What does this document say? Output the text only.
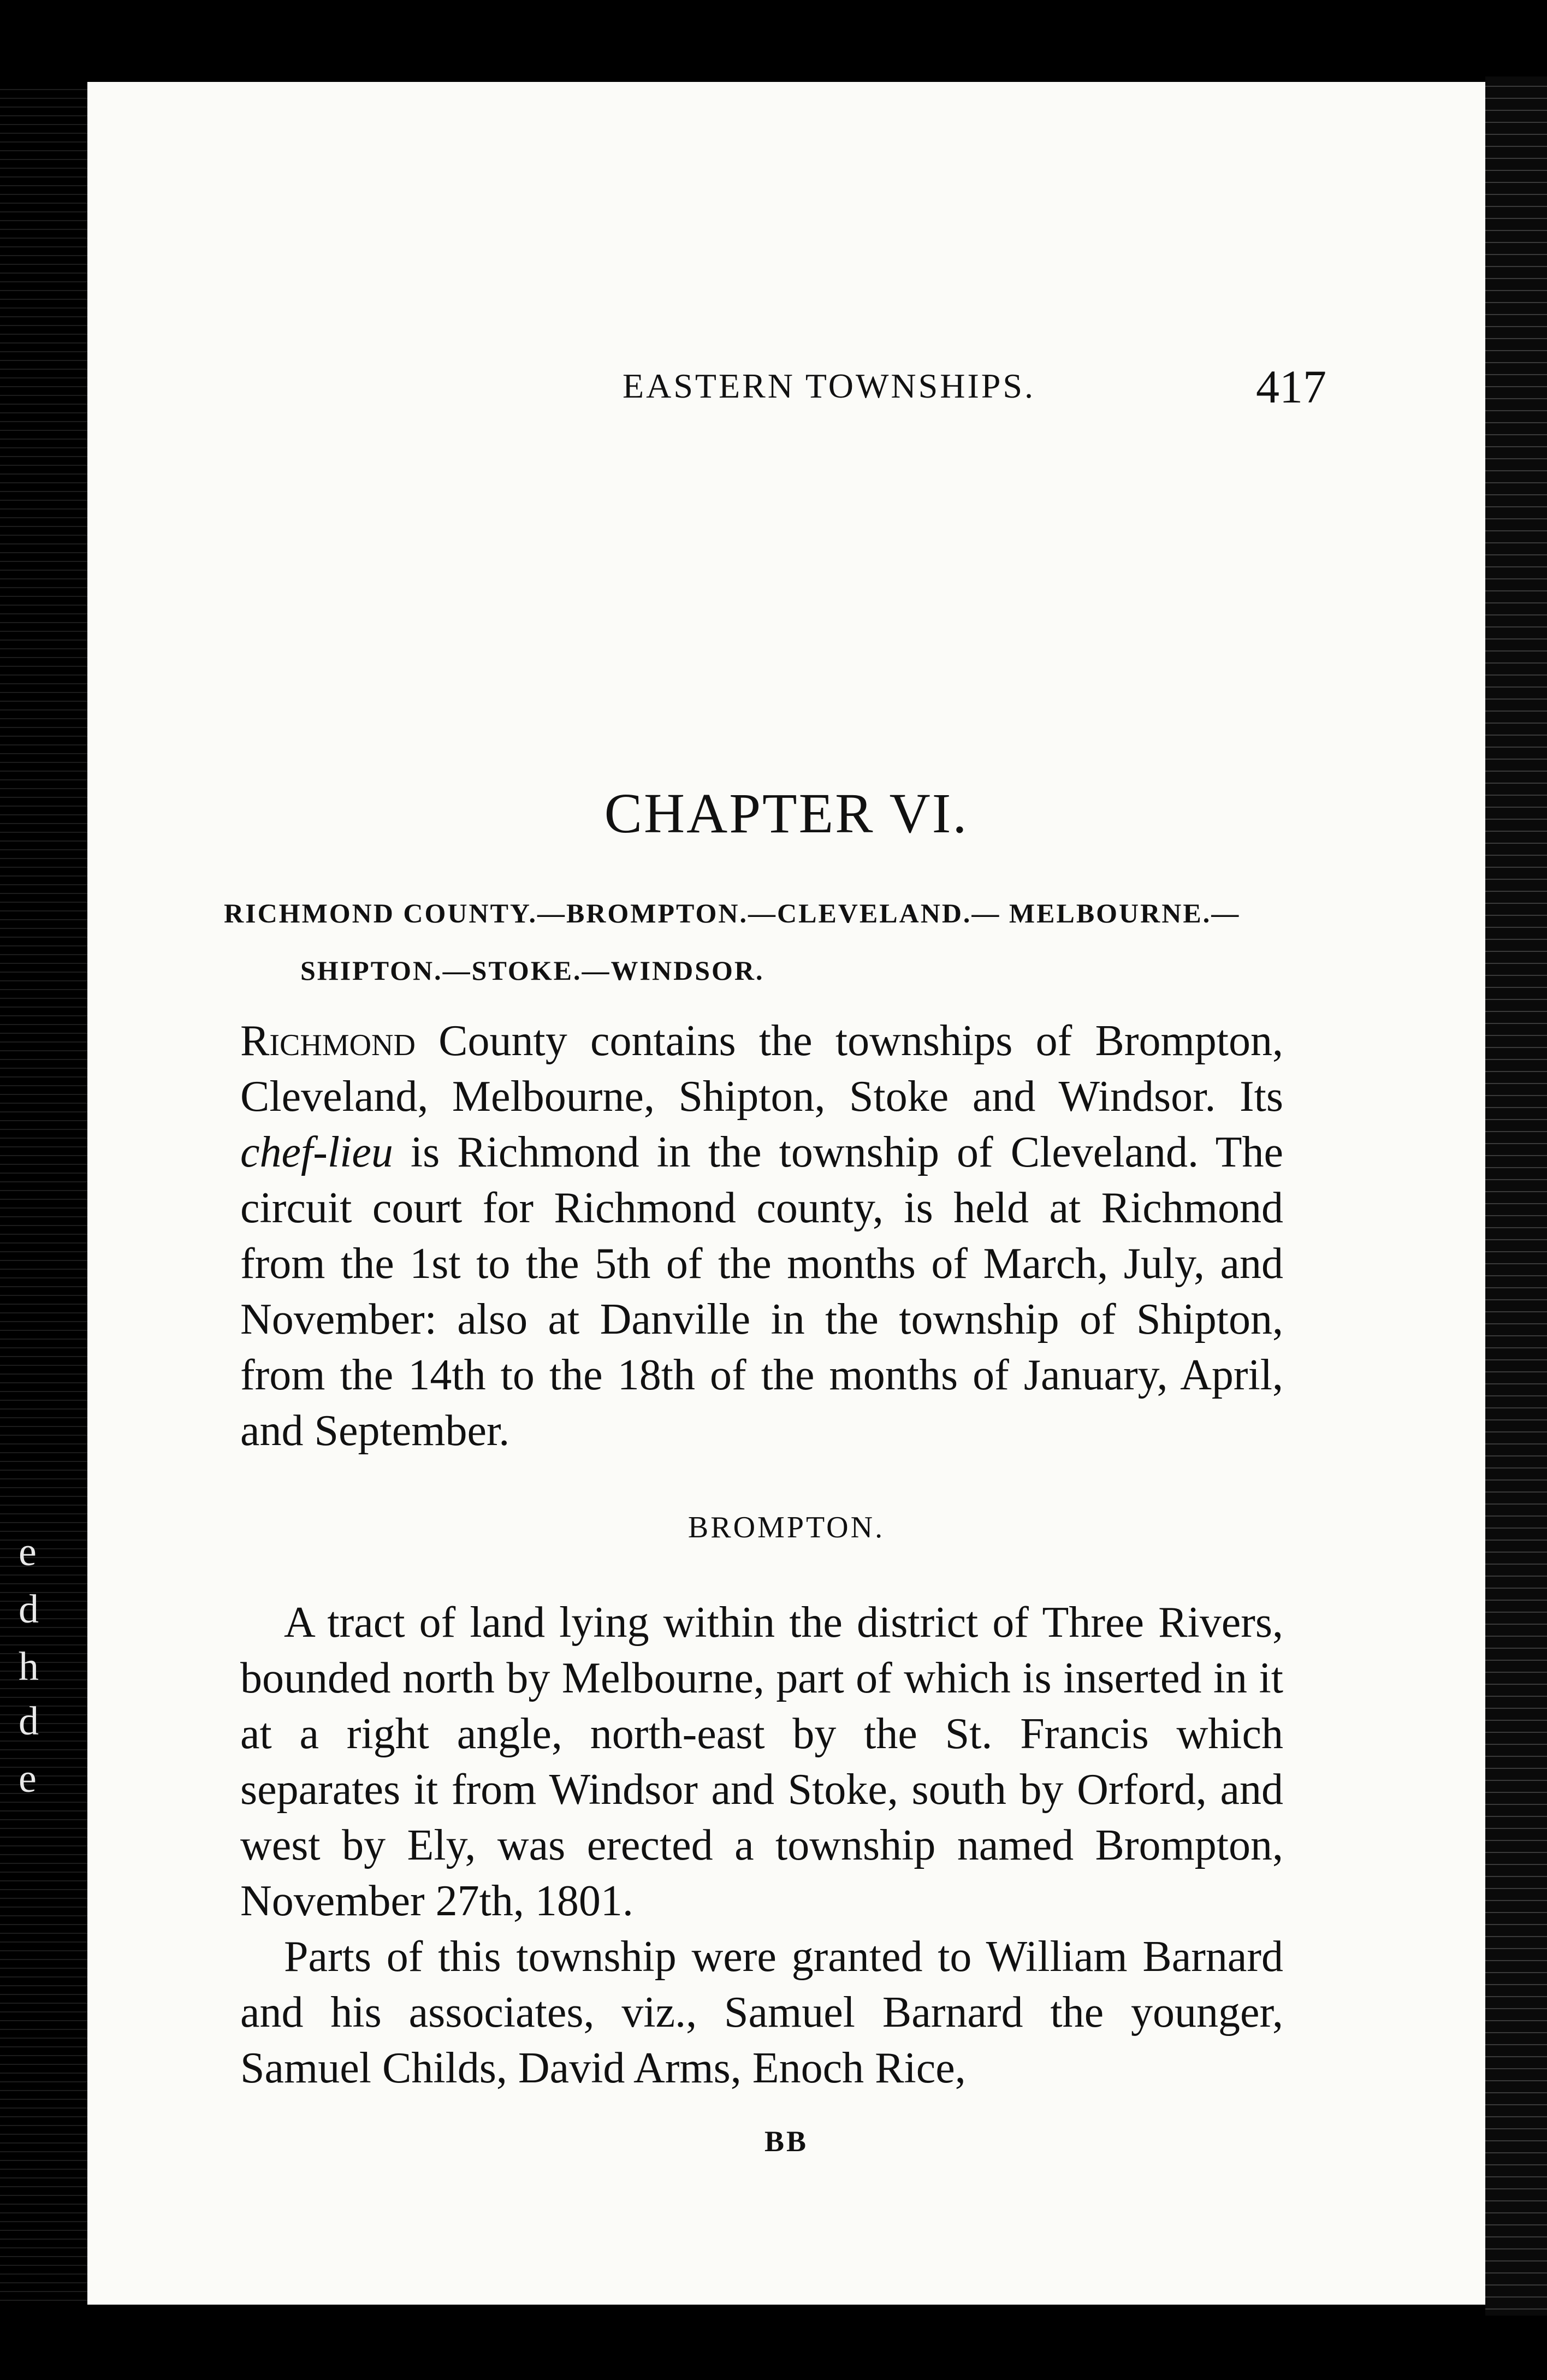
e
d
h
d
e
EASTERN TOWNSHIPS.	417
CHAPTER VI.
RICHMOND COUNTY.—BROMPTON.—CLEVELAND.— MELBOURNE.—
SHIPTON.—STOKE.—WINDSOR.
Richmond County contains the townships of Brompton, Cleveland, Melbourne, Shipton, Stoke and Windsor. Its chef-lieu is Richmond in the township of Cleveland. The circuit court for Richmond county, is held at Richmond from the 1st to the 5th of the months of March, July, and November: also at Danville in the township of Shipton, from the 14th to the 18th of the months of January, April, and September.
BROMPTON.

A tract of land lying within the district of Three Rivers, bounded north by Melbourne, part of which is inserted in it at a right angle, north-east by the St. Francis which separates it from Windsor and Stoke, south by Orford, and west by Ely, was erected a township named Brompton, November 27th, 1801.

Parts of this township were granted to William Barnard and his associates, viz., Samuel Barnard the younger, Samuel Childs, David Arms, Enoch Rice,

BB
